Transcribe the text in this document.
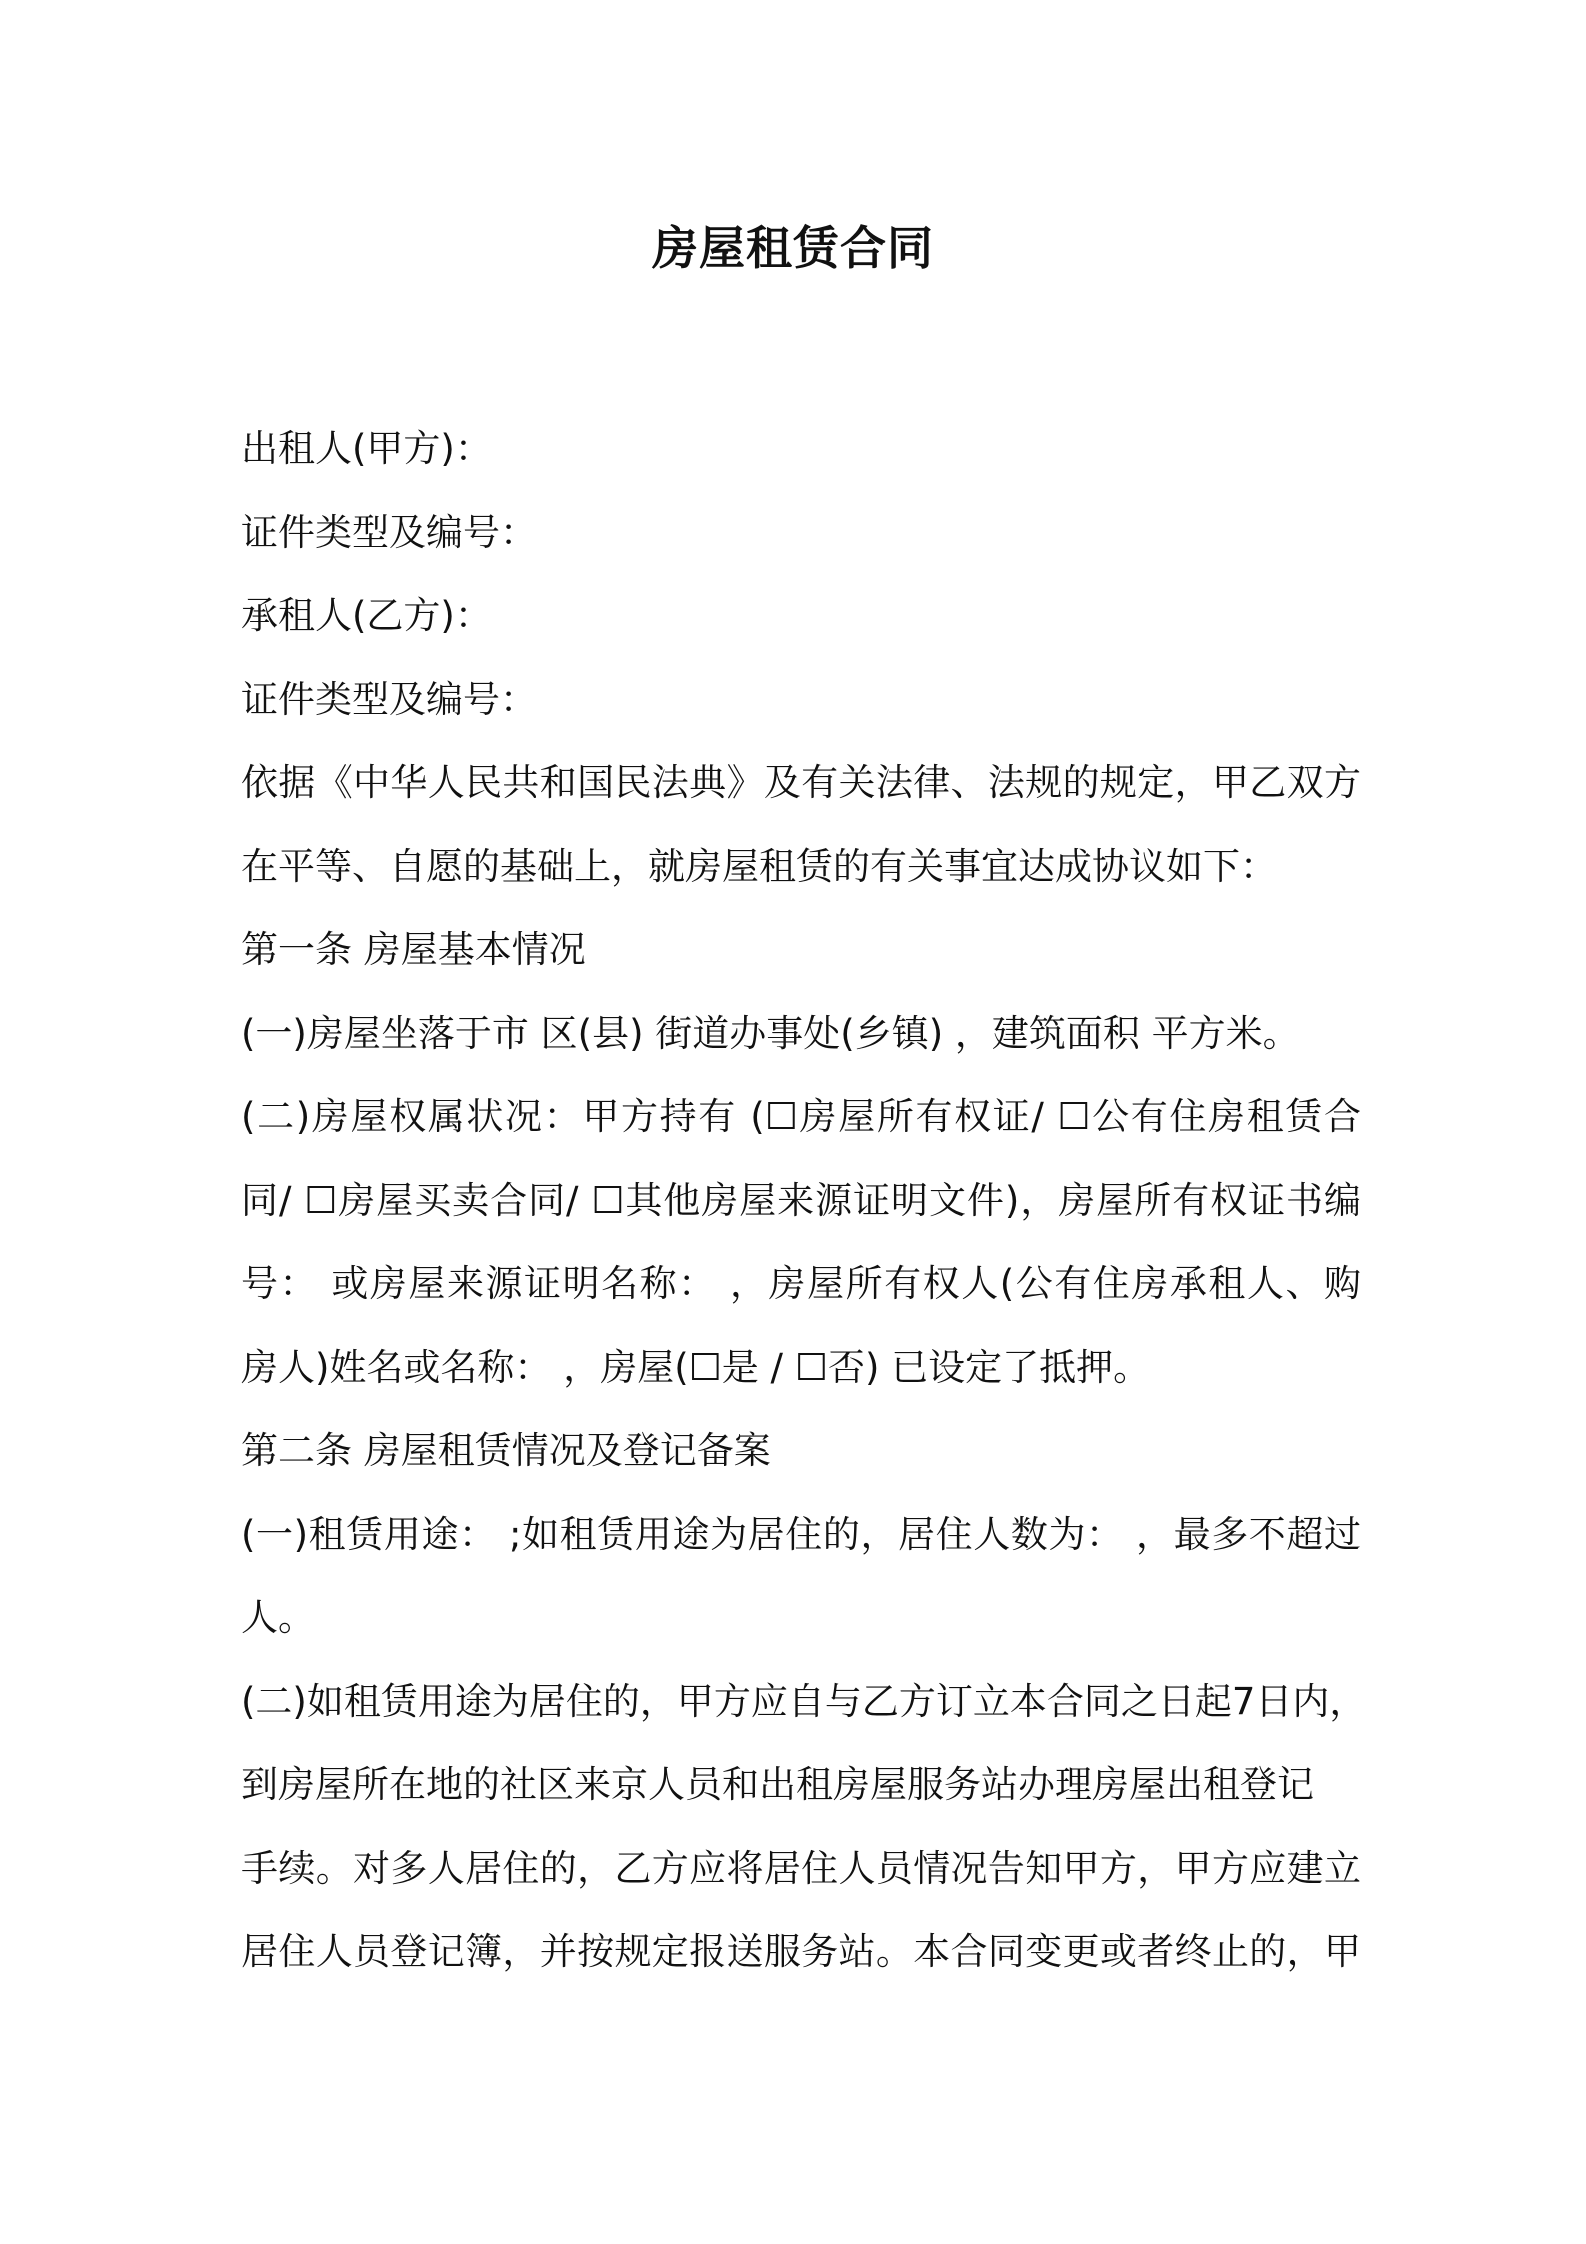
房屋租赁合同

出租人(甲方)：

证件类型及编号：

承租人(乙方)：

证件类型及编号：

依据《中华人民共和国民法典》及有关法律、法规的规定，甲乙双方

在平等、自愿的基础上，就房屋租赁的有关事宜达成协议如下：

第一条 房屋基本情况

(一)房屋坐落于市 区(县) 街道办事处(乡镇) ，建筑面积 平方米。

(二)房屋权属状况：甲方持有 (☐房屋所有权证/ ☐公有住房租赁合

同/ ☐房屋买卖合同/ ☐其他房屋来源证明文件)，房屋所有权证书编

号： 或房屋来源证明名称： ，房屋所有权人(公有住房承租人、购

房人)姓名或名称： ，房屋(☐是 / ☐否) 已设定了抵押。

第二条 房屋租赁情况及登记备案

(一)租赁用途： ;如租赁用途为居住的，居住人数为： ，最多不超过

人。

(二)如租赁用途为居住的，甲方应自与乙方订立本合同之日起7日内，

到房屋所在地的社区来京人员和出租房屋服务站办理房屋出租登记

手续。对多人居住的，乙方应将居住人员情况告知甲方，甲方应建立

居住人员登记簿，并按规定报送服务站。本合同变更或者终止的，甲
